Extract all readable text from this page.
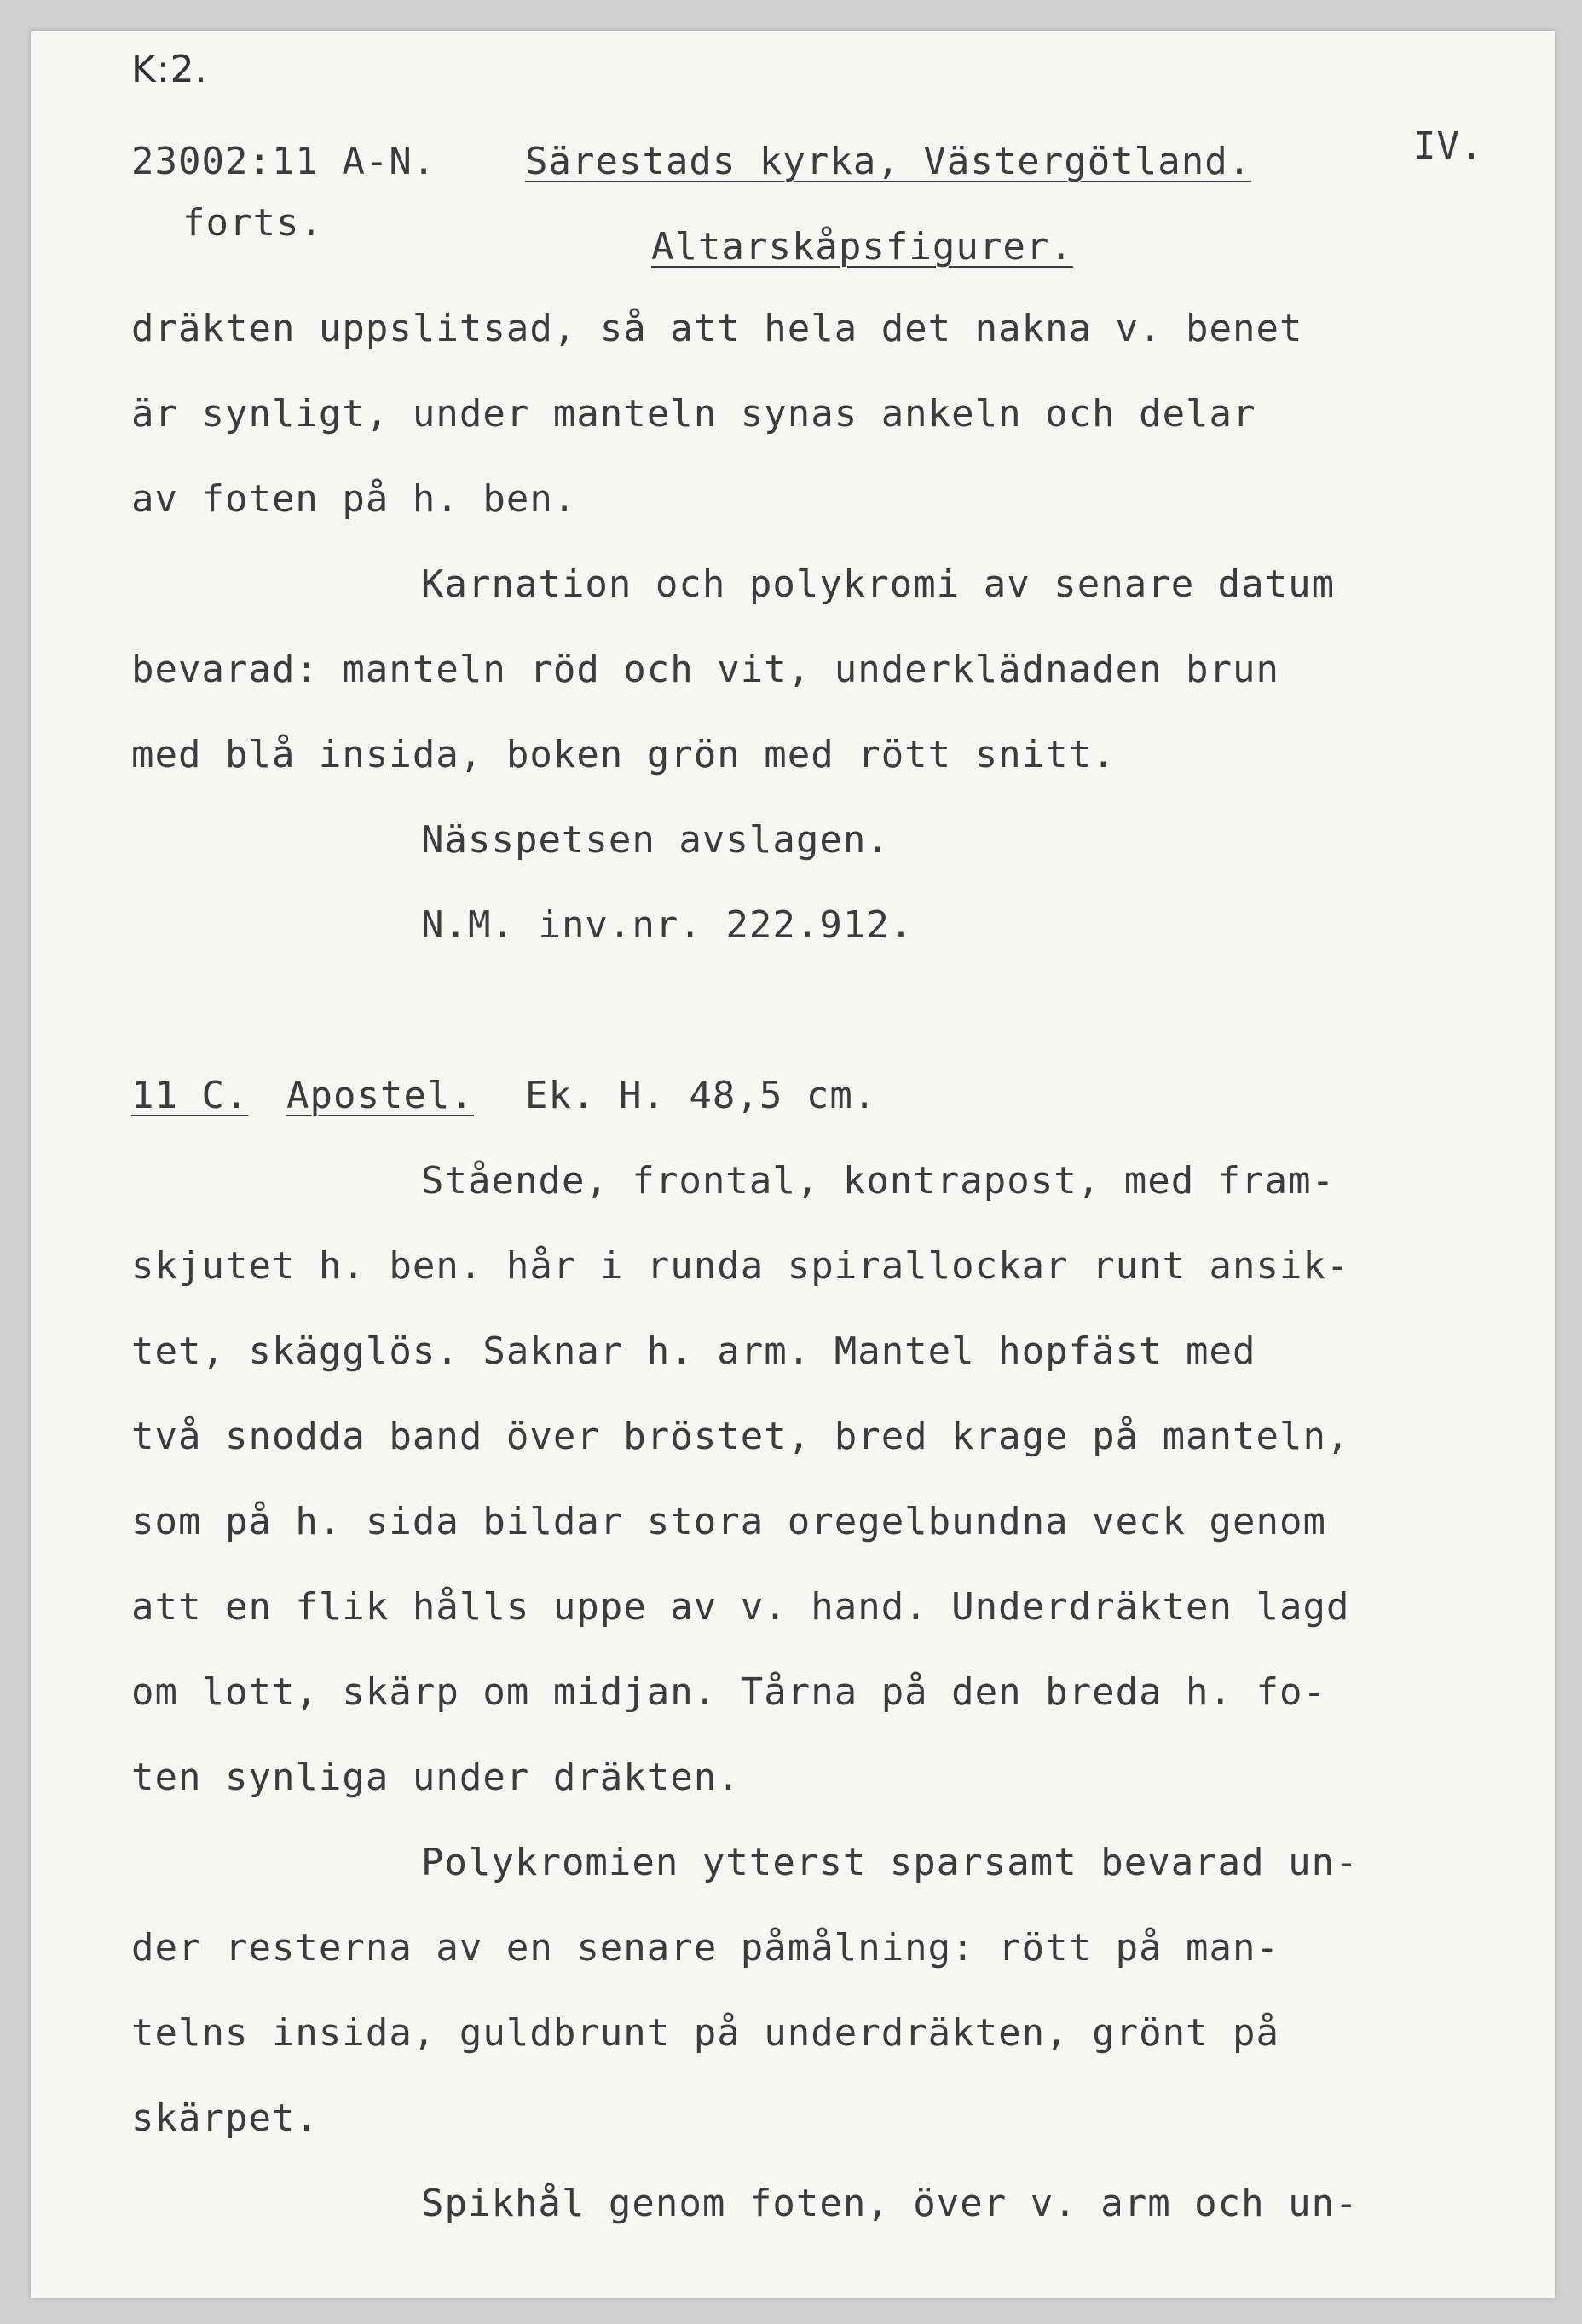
K:2.
23002:11 A-N. Särestads kyrka, Västergötland.	IV.
forts.
Altarskåpsfigurer.
dräkten uppslitsad, så att hela det nakna v. benet
är synligt, under manteln synas ankeln och delar
av foten på h. ben.
Karnation och polykromi av senare datum
bevarad: manteln röd och vit, underklädnaden brun
med blå insida, boken grön med rött snitt.
Nässpetsen avslagen.
N.M. inv.nr. 222.912.
11 C. Apostel. Ek. H. 48,5 cm.
Stående, frontal, kontrapost, med fram-
skjutet h. ben. hår i runda spirallockar runt ansik-
tet, skägglös. Saknar h. arm. Mantel hopfäst med
två snodda band över bröstet, bred krage på manteln,
som på h. sida bildar stora oregelbundna veck genom
att en flik hålls uppe av v. hand. Underdräkten lagd
om lott, skärp om midjan. Tårna på den breda h. fo-
ten synliga under dräkten.
Polykromien ytterst sparsamt bevarad un-
der resterna av en senare påmålning: rött på man-
telns insida, guldbrunt på underdräkten, grönt på
skärpet.
Spikhål genom foten, över v. arm och un-
